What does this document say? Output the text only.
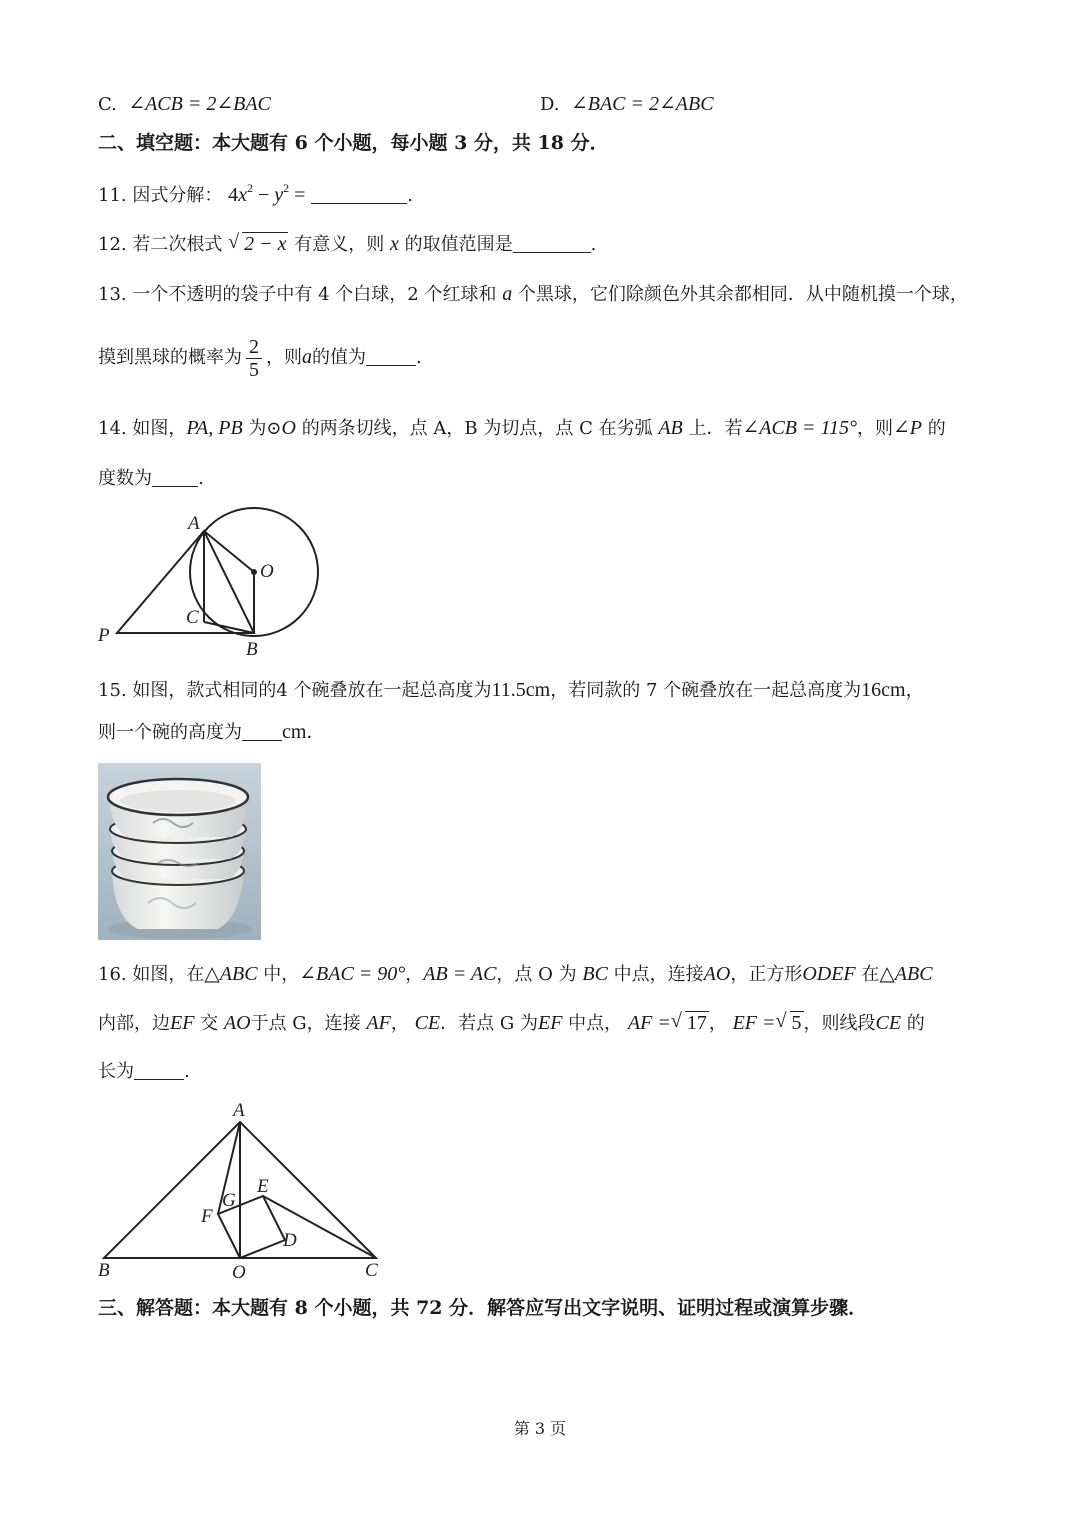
C. ∠ACB = 2∠BAC	D. ∠BAC = 2∠ABC
二、填空题：本大题有 6 个小题，每小题 3 分，共 18 分．
11. 因式分解： $4x^2 - y^2$ =	.
12. 若二次根式 √ 2 − x 有意义，则 x 的取值范围是	.
13. 一个不透明的袋子中有 4 个白球，2 个红球和 a 个黑球，它们除颜色外其余都相同．从中随机摸一个球，
摸到黑球的概率为 $\frac{2}{5}$ ，则a的值为	.
14. 如图，PA, PB 为⊙O 的两条切线，点 A，B 为切点，点 C 在劣弧 AB 上．若∠ACB = 115°，则∠P 的
度数为	.
A
O
C
P
B
15. 如图，款式相同的4 个碗叠放在一起总高度为11.5cm，若同款的 7 个碗叠放在一起总高度为16cm，
则一个碗的高度为 cm．
16. 如图，在△ABC 中，∠BAC = 90°，AB = AC，点 O 为 BC 中点，连接AO，正方形ODEF 在△ABC
内部，边EF 交 AO于点 G，连接 AF， CE．若点 G 为EF 中点， AF = √ 17 ， EF = √ 5 ，则线段CE 的
长为	.
A
G
E
F
D
B	O	C
三、解答题：本大题有 8 个小题，共 72 分．解答应写出文字说明、证明过程或演算步骤．
第 3 页
